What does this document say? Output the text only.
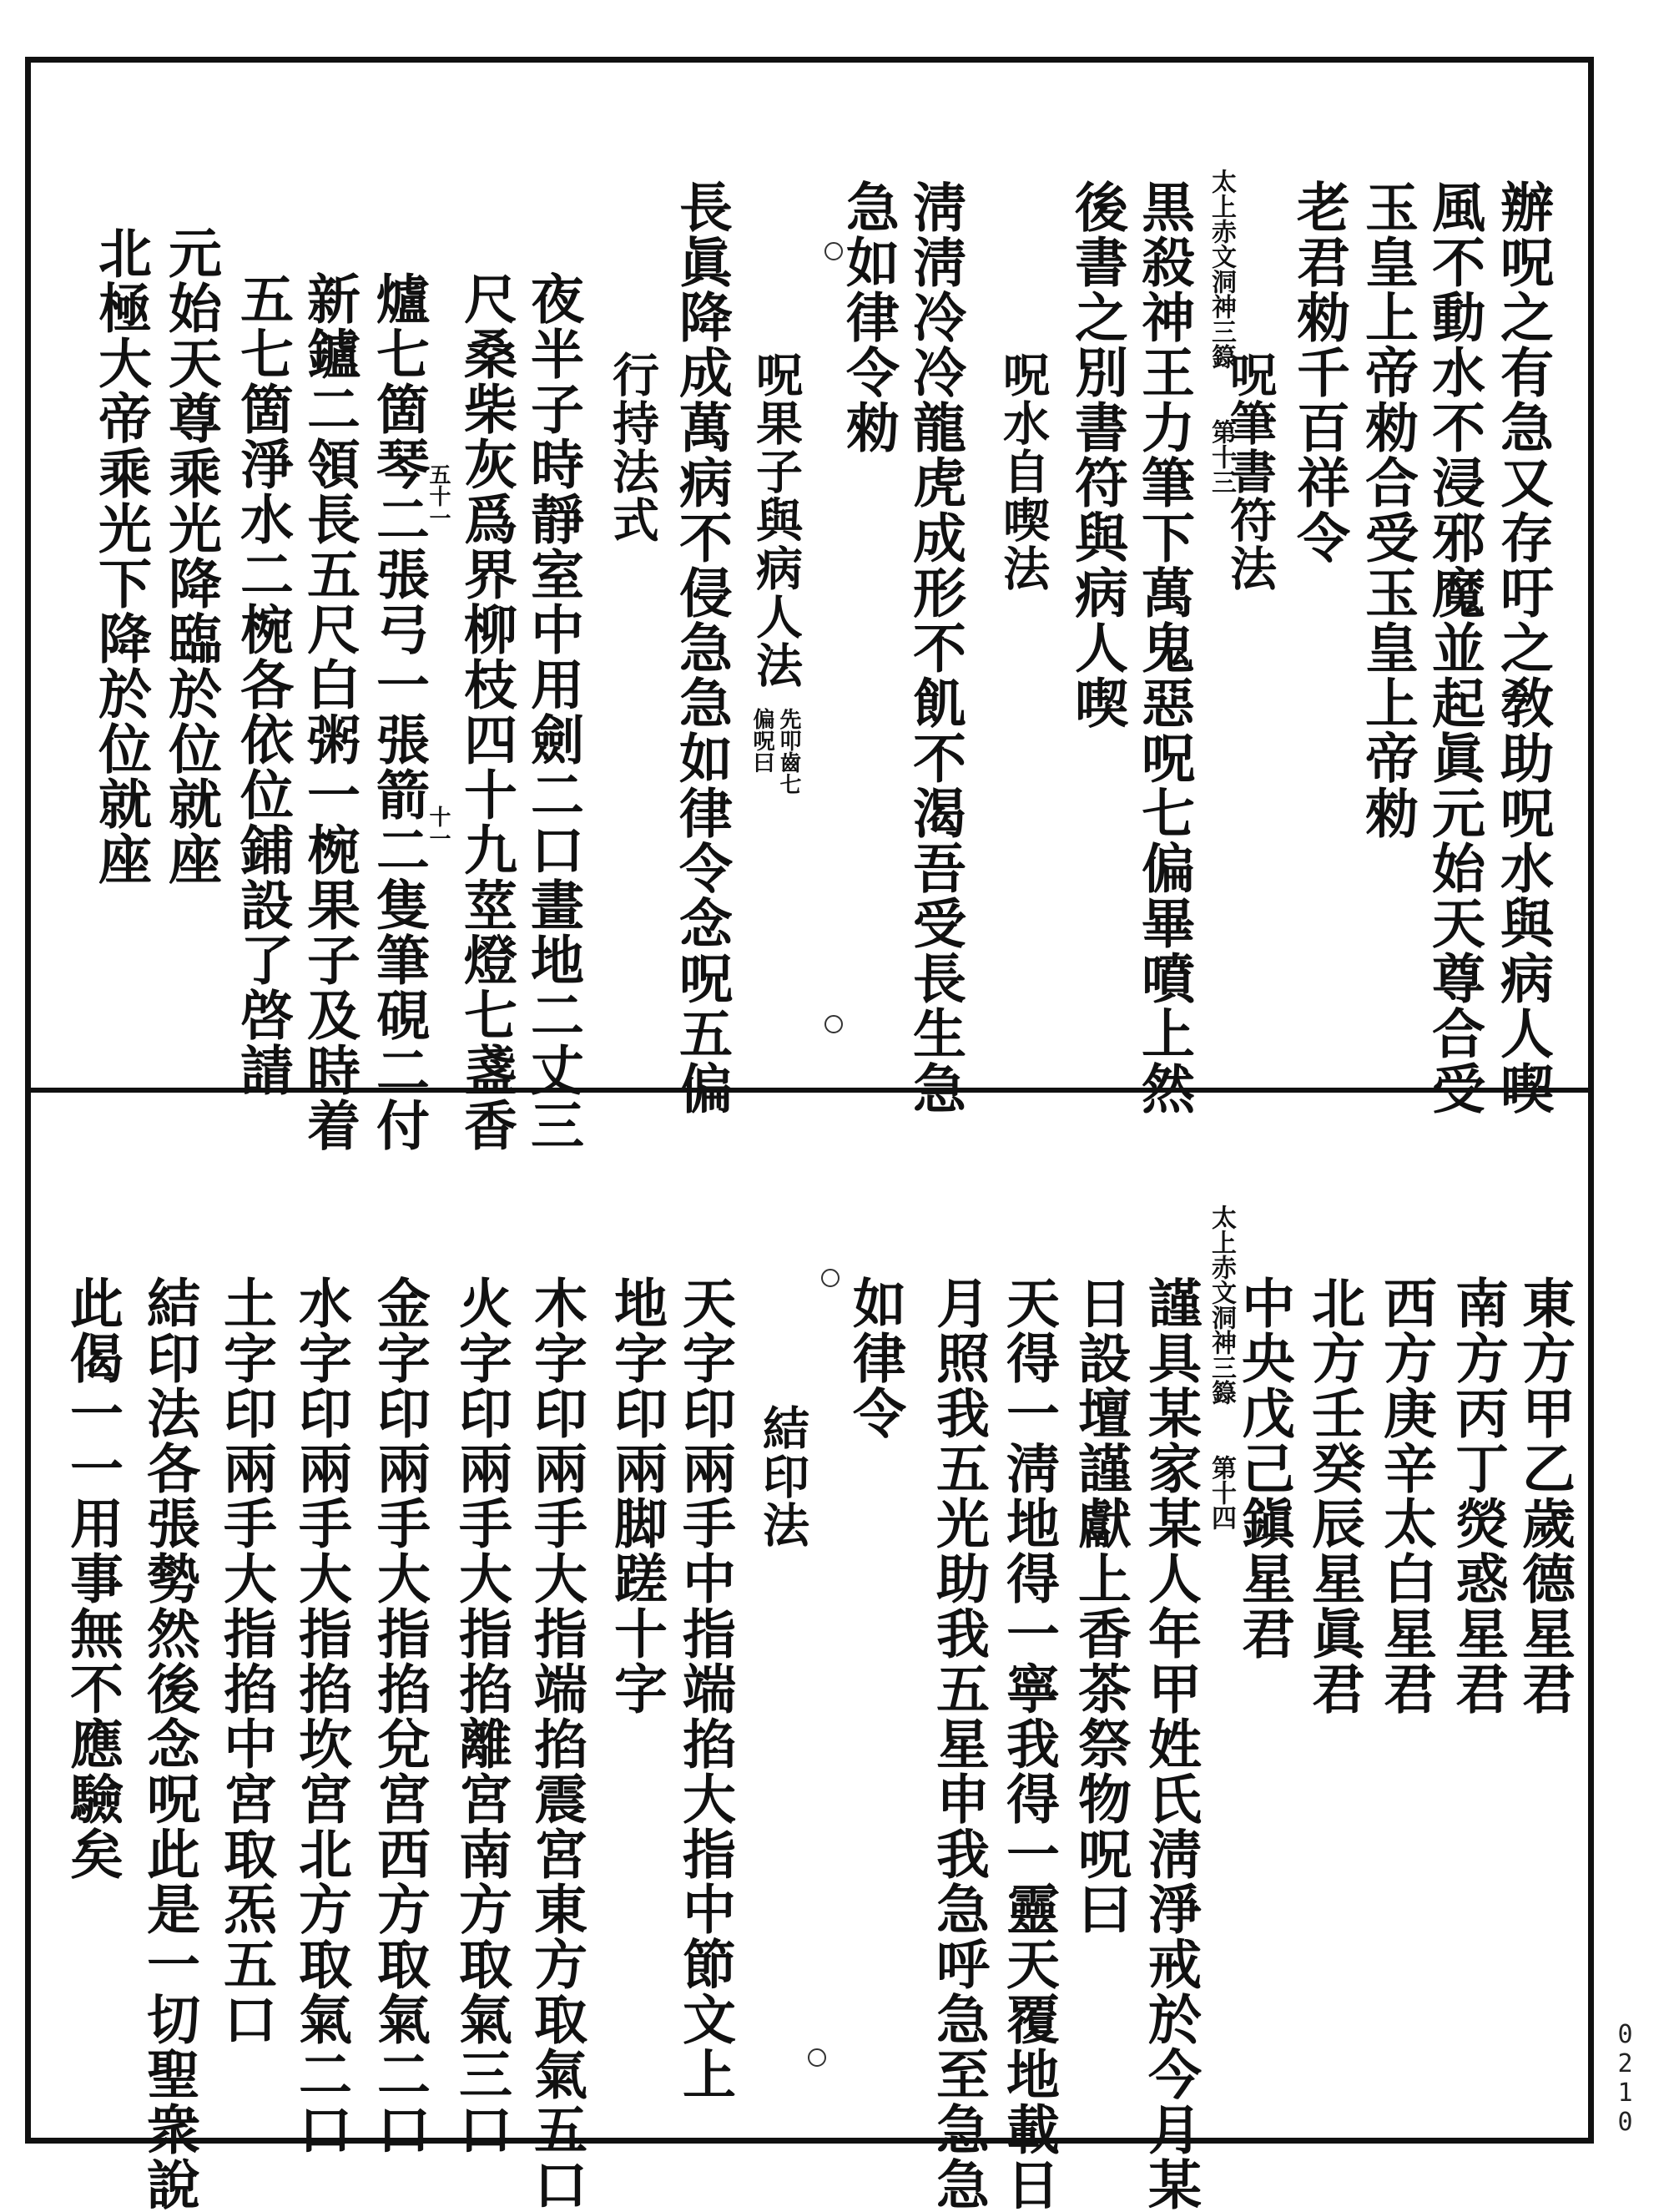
太上赤文洞神三籙　　第十三	辦呪之有急又存吁之敎助呪水與病人喫
風不動水不浸邪魔並起眞元始天尊合受
玉皇上帝勑合受玉皇上帝勑
老君勑千百祥令
呪筆書符法
黒殺神王力筆下萬鬼惡呪七偏畢噴上然
後書之別書符與病人喫
呪水自喫法
淸淸冷冷龍虎成形不飢不渴吾受長生急
急如律令勑
呪果子與病人法
先叩齒七
偏呪曰
長眞降成萬病不侵急急如律令念呪五偏
行持法式
夜半子時靜室中用劍二口畫地二丈三
尺桑柴灰爲界柳枝四十九莖燈七盞香
五十一
十一
爐七箇琴二張弓一張箭二隻筆硯二付
新鑪二領長五尺白粥一椀果子及時着
五七箇淨水二椀各依位鋪設了啓請
元始天尊乘光降臨於位就座
北極大帝乘光下降於位就座
太上赤文洞神三籙　　第十四	東方甲乙歲德星君
南方丙丁熒惑星君
西方庚辛太白星君
北方壬癸辰星眞君
中央戊己鎭星君
謹具某家某人年甲姓氏淸淨戒於今月某
日設壇謹獻上香茶祭物呪曰
天得一淸地得一寧我得一靈天覆地載日
月照我五光助我五星申我急呼急至急急
如律令
結印法
天字印兩手中指端掐大指中節文上
地字印兩脚蹉十字
木字印兩手大指端掐震宮東方取氣五口
火字印兩手大指掐離宮南方取氣三口
金字印兩手大指掐兌宮西方取氣二口
水字印兩手大指掐坎宮北方取氣二口
土字印兩手大指掐中宮取炁五口
結印法各張勢然後念呪此是一切聖衆說
此偈一一用事無不應驗矣
0210
